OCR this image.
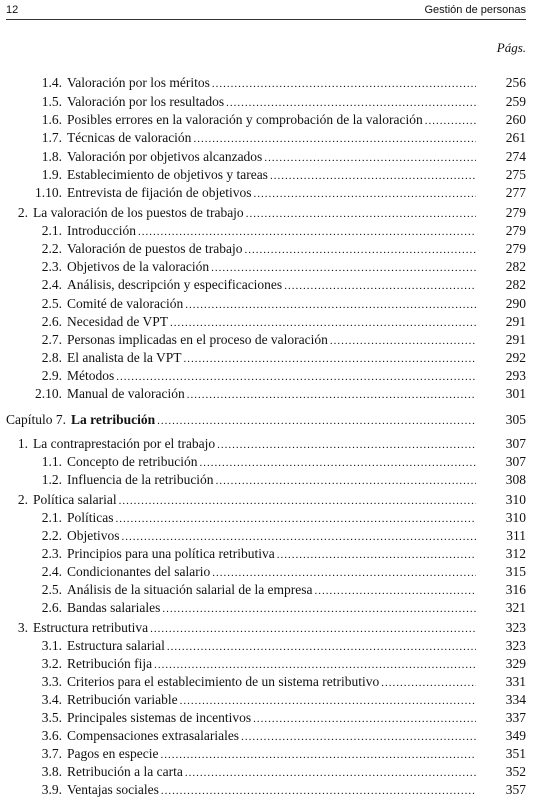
12	Gestión de personas
Págs.
1.4. Valoración por los méritos .....	256
1.5. Valoración por los resultados .....	259
1.6. Posibles errores en la valoración y comprobación de la valoración .....	260
1.7. Técnicas de valoración .....	261
1.8. Valoración por objetivos alcanzados .....	274
1.9. Establecimiento de objetivos y tareas .....	275
1.10. Entrevista de fijación de objetivos .....	277
2. La valoración de los puestos de trabajo .....	279
2.1. Introducción .....	279
2.2. Valoración de puestos de trabajo .....	279
2.3. Objetivos de la valoración .....	282
2.4. Análisis, descripción y especificaciones .....	282
2.5. Comité de valoración .....	290
2.6. Necesidad de VPT .....	291
2.7. Personas implicadas en el proceso de valoración .....	291
2.8. El analista de la VPT .....	292
2.9. Métodos .....	293
2.10. Manual de valoración .....	301
Capítulo 7. La retribución .....	305
1. La contraprestación por el trabajo .....	307
1.1. Concepto de retribución .....	307
1.2. Influencia de la retribución .....	308
2. Política salarial .....	310
2.1. Políticas .....	310
2.2. Objetivos .....	311
2.3. Principios para una política retributiva .....	312
2.4. Condicionantes del salario .....	315
2.5. Análisis de la situación salarial de la empresa .....	316
2.6. Bandas salariales .....	321
3. Estructura retributiva .....	323
3.1. Estructura salarial .....	323
3.2. Retribución fija .....	329
3.3. Criterios para el establecimiento de un sistema retributivo .....	331
3.4. Retribución variable .....	334
3.5. Principales sistemas de incentivos .....	337
3.6. Compensaciones extrasalariales .....	349
3.7. Pagos en especie .....	351
3.8. Retribución a la carta .....	352
3.9. Ventajas sociales .....	357
